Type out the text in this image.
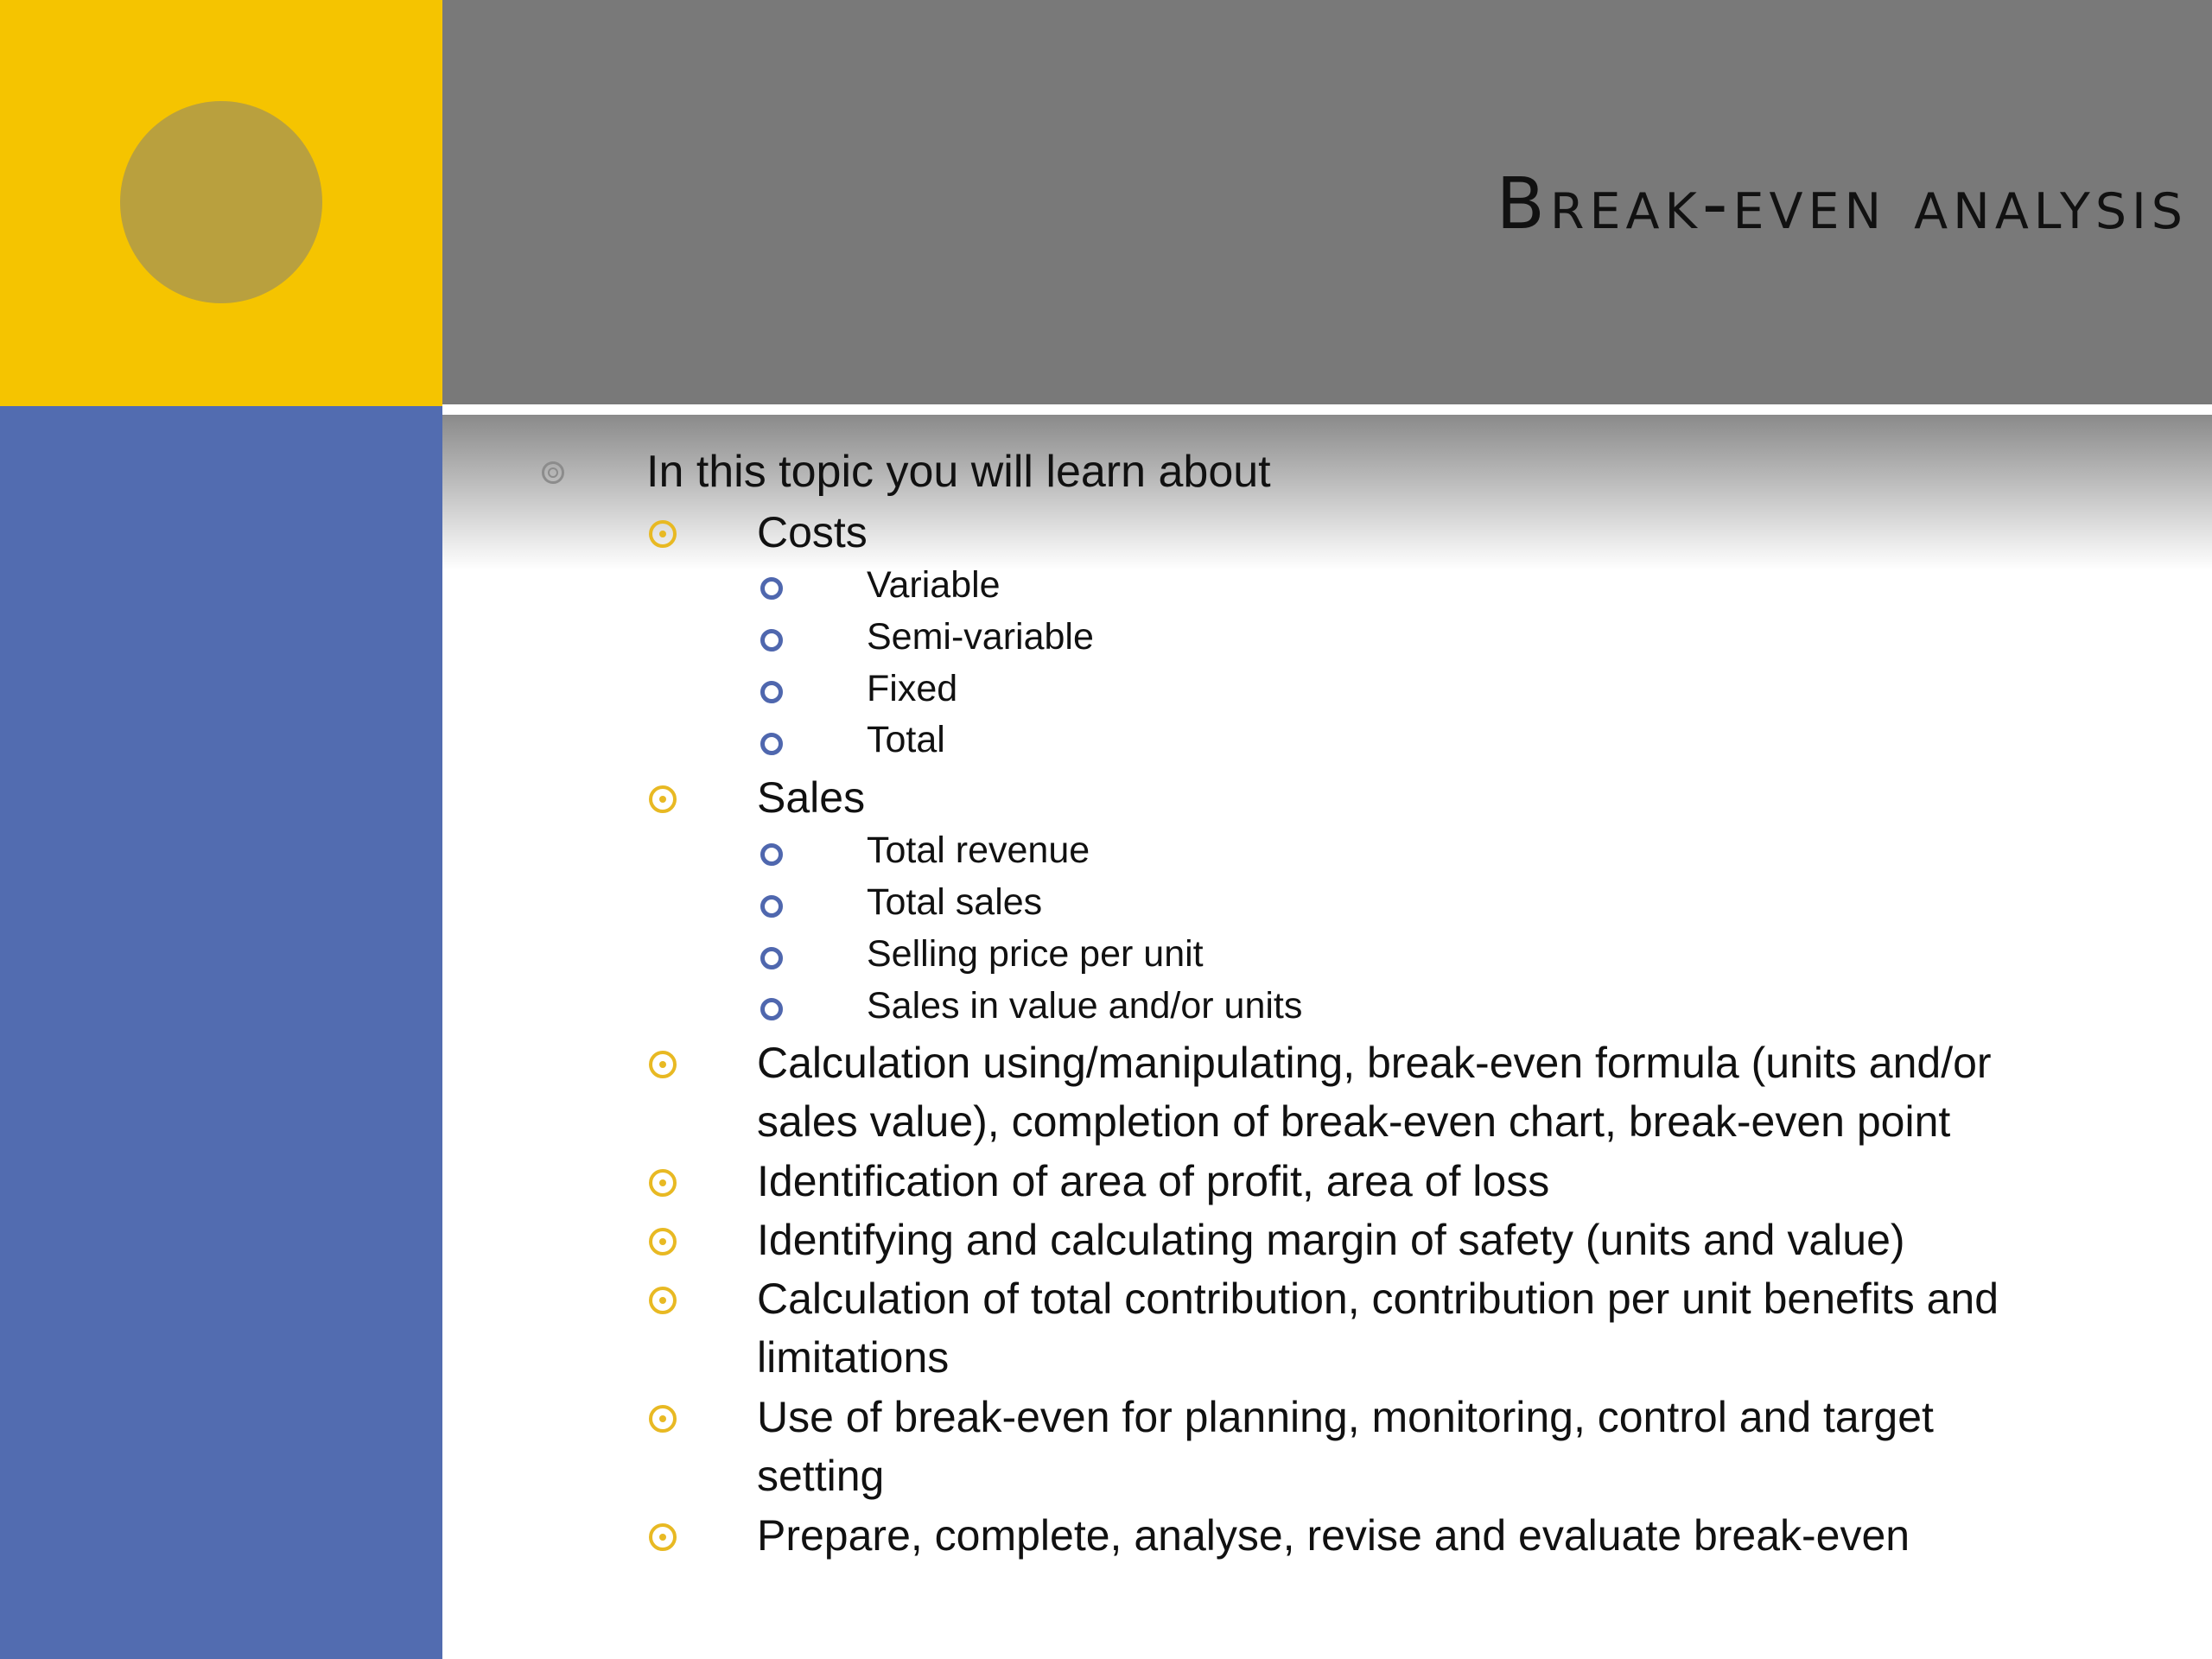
Break-even analysis
In this topic you will learn about
Costs
Variable
Semi-variable
Fixed
Total
Sales
Total revenue
Total sales
Selling price per unit
Sales in value and/or units
Calculation using/manipulating, break-even formula (units and/or
sales value), completion of break-even chart, break-even point
Identification of area of profit, area of loss
Identifying and calculating margin of safety (units and value)
Calculation of total contribution, contribution per unit benefits and
limitations
Use of break-even for planning, monitoring, control and target
setting
Prepare, complete, analyse, revise and evaluate break-even
